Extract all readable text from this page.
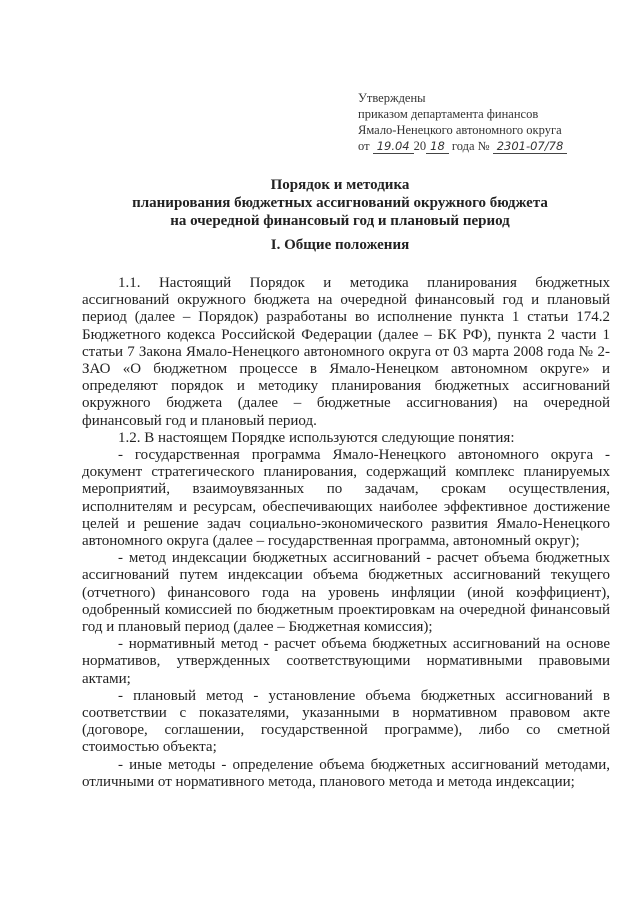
Утверждены
приказом департамента финансов
Ямало-Ненецкого автономного округа
от 19.04 20 18 года № 2301-07/78
Порядок и методика
планирования бюджетных ассигнований окружного бюджета
на очередной финансовый год и плановый период
I. Общие положения

1.1. Настоящий Порядок и методика планирования бюджетных ассигнований окружного бюджета на очередной финансовый год и плановый период (далее – Порядок) разработаны во исполнение пункта 1 статьи 174.2 Бюджетного кодекса Российской Федерации (далее – БК РФ), пункта 2 части 1 статьи 7 Закона Ямало-Ненецкого автономного округа от 03 марта 2008 года № 2-ЗАО «О бюджетном процессе в Ямало-Ненецком автономном округе» и определяют порядок и методику планирования бюджетных ассигнований окружного бюджета (далее – бюджетные ассигнования) на очередной финансовый год и плановый период.

1.2. В настоящем Порядке используются следующие понятия:

- государственная программа Ямало-Ненецкого автономного округа - документ стратегического планирования, содержащий комплекс планируемых мероприятий, взаимоувязанных по задачам, срокам осуществления, исполнителям и ресурсам, обеспечивающих наиболее эффективное достижение целей и решение задач социально-экономического развития Ямало-Ненецкого автономного округа (далее – государственная программа, автономный округ);

- метод индексации бюджетных ассигнований - расчет объема бюджетных ассигнований путем индексации объема бюджетных ассигнований текущего (отчетного) финансового года на уровень инфляции (иной коэффициент), одобренный комиссией по бюджетным проектировкам на очередной финансовый год и плановый период (далее – Бюджетная комиссия);

- нормативный метод - расчет объема бюджетных ассигнований на основе нормативов, утвержденных соответствующими нормативными правовыми актами;

- плановый метод - установление объема бюджетных ассигнований в соответствии с показателями, указанными в нормативном правовом акте (договоре, соглашении, государственной программе), либо со сметной стоимостью объекта;

- иные методы - определение объема бюджетных ассигнований методами, отличными от нормативного метода, планового метода и метода индексации;
